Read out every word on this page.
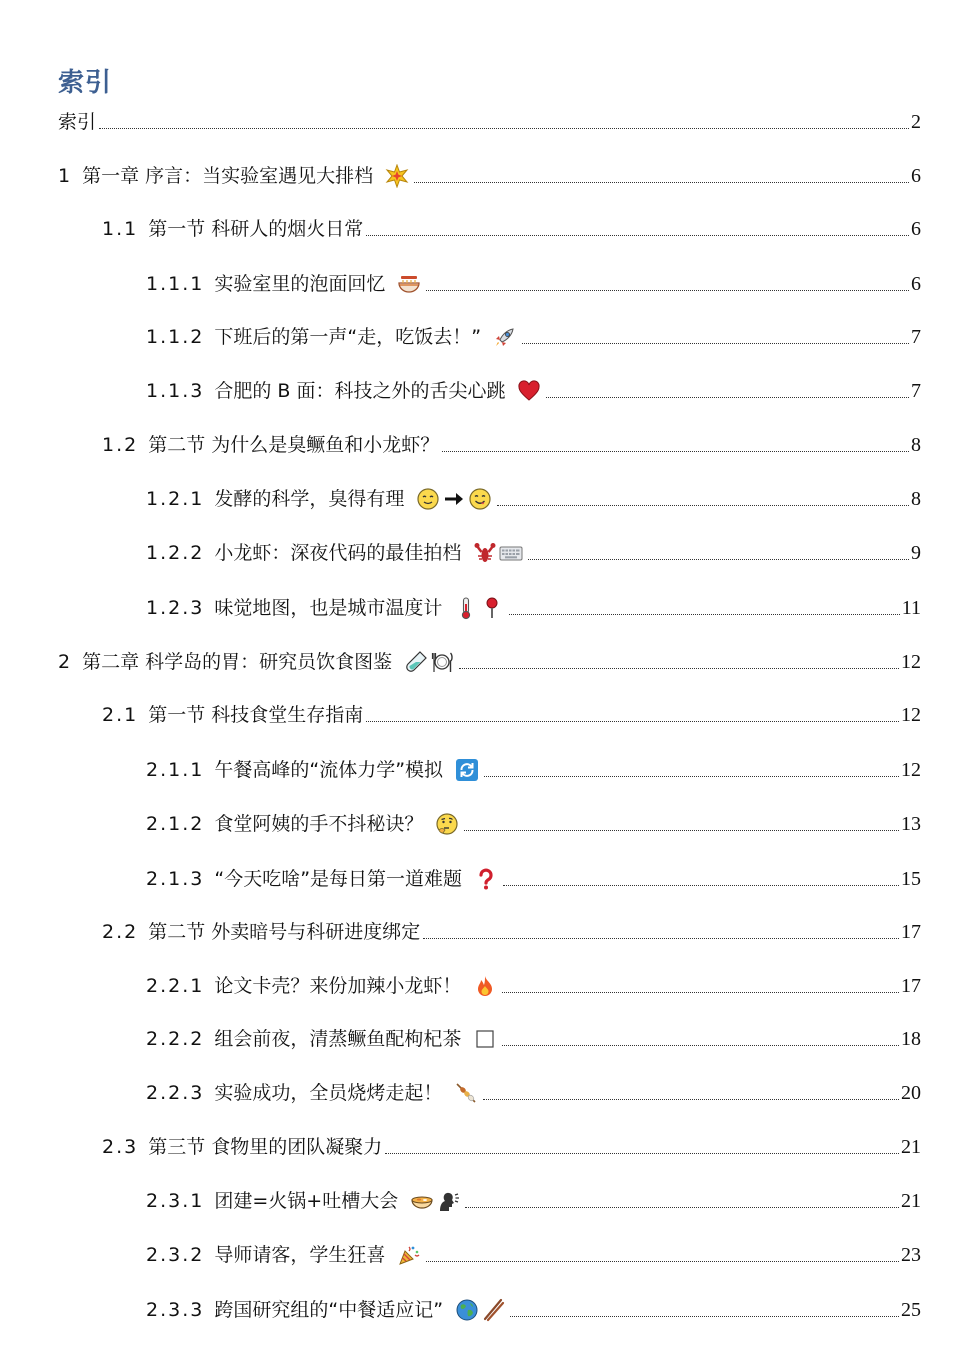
索引
索引	2
1 第一章 序言：当实验室遇见大排档	6
1.1 第一节 科研人的烟火日常	6
1.1.1 实验室里的泡面回忆	6
1.1.2 下班后的第一声“走，吃饭去！”	7
1.1.3 合肥的 B 面：科技之外的舌尖心跳	7
1.2 第二节 为什么是臭鳜鱼和小龙虾？	8
1.2.1 发酵的科学，臭得有理	8
1.2.2 小龙虾：深夜代码的最佳拍档	9
1.2.3 味觉地图，也是城市温度计	11
2 第二章 科学岛的胃：研究员饮食图鉴	12
2.1 第一节 科技食堂生存指南	12
2.1.1 午餐高峰的“流体力学”模拟	12
2.1.2 食堂阿姨的手不抖秘诀？	13
2.1.3 “今天吃啥”是每日第一道难题	15
2.2 第二节 外卖暗号与科研进度绑定	17
2.2.1 论文卡壳？来份加辣小龙虾！	17
2.2.2 组会前夜，清蒸鳜鱼配枸杞茶	18
2.2.3 实验成功，全员烧烤走起！	20
2.3 第三节 食物里的团队凝聚力	21
2.3.1 团建=火锅+吐槽大会	21
2.3.2 导师请客，学生狂喜	23
2.3.3 跨国研究组的“中餐适应记”	25
